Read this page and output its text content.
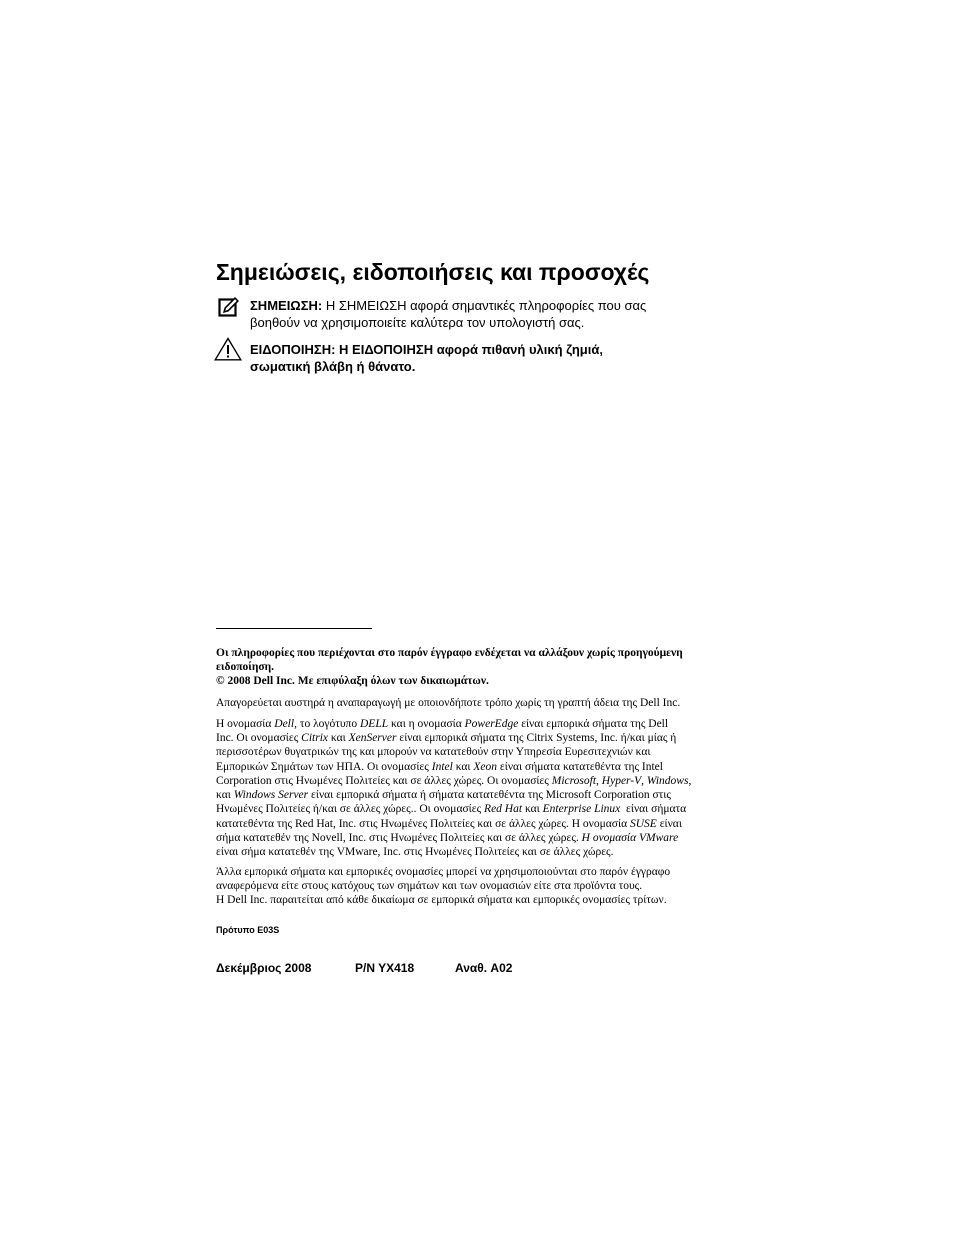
Σημειώσεις, ειδοποιήσεις και προσοχές
ΣΗΜΕΙΩΣΗ: Η ΣΗΜΕΙΩΣΗ αφορά σημαντικές πληροφορίες που σας
βοηθούν να χρησιμοποιείτε καλύτερα τον υπολογιστή σας.
ΕΙΔΟΠΟΙΗΣΗ: Η ΕΙΔΟΠΟΙΗΣΗ αφορά πιθανή υλική ζημιά,
σωματική βλάβη ή θάνατο.
Οι πληροφορίες που περιέχονται στο παρόν έγγραφο ενδέχεται να αλλάξουν χωρίς προηγούμενη
ειδοποίηση.
© 2008 Dell Inc. Με επιφύλαξη όλων των δικαιωμάτων.
Απαγορεύεται αυστηρά η αναπαραγωγή με οποιονδήποτε τρόπο χωρίς τη γραπτή άδεια της Dell Inc.
Η ονομασία Dell, το λογότυπο DELL και η ονομασία PowerEdge είναι εμπορικά σήματα της Dell
Inc. Οι ονομασίες Citrix και XenServer είναι εμπορικά σήματα της Citrix Systems, Inc. ή/και μίας ή
περισσοτέρων θυγατρικών της και μπορούν να κατατεθούν στην Υπηρεσία Ευρεσιτεχνιών και
Εμπορικών Σημάτων των ΗΠΑ. Οι ονομασίες Intel και Xeon είναι σήματα κατατεθέντα της Intel
Corporation στις Ηνωμένες Πολιτείες και σε άλλες χώρες. Οι ονομασίες Microsoft, Hyper-V, Windows,
και Windows Server είναι εμπορικά σήματα ή σήματα κατατεθέντα της Microsoft Corporation στις
Ηνωμένες Πολιτείες ή/και σε άλλες χώρες.. Οι ονομασίες Red Hat και Enterprise Linux  είναι σήματα
κατατεθέντα της Red Hat, Inc. στις Ηνωμένες Πολιτείες και σε άλλες χώρες. Η ονομασία SUSE είναι
σήμα κατατεθέν της Novell, Inc. στις Ηνωμένες Πολιτείες και σε άλλες χώρες. Η ονομασία VMware
είναι σήμα κατατεθέν της VMware, Inc. στις Ηνωμένες Πολιτείες και σε άλλες χώρες.
Άλλα εμπορικά σήματα και εμπορικές ονομασίες μπορεί να χρησιμοποιούνται στο παρόν έγγραφο
αναφερόμενα είτε στους κατόχους των σημάτων και των ονομασιών είτε στα προϊόντα τους.
Η Dell Inc. παραιτείται από κάθε δικαίωμα σε εμπορικά σήματα και εμπορικές ονομασίες τρίτων.
Πρότυπο E03S
Δεκέμβριος 2008	P/N YX418	Αναθ. A02
